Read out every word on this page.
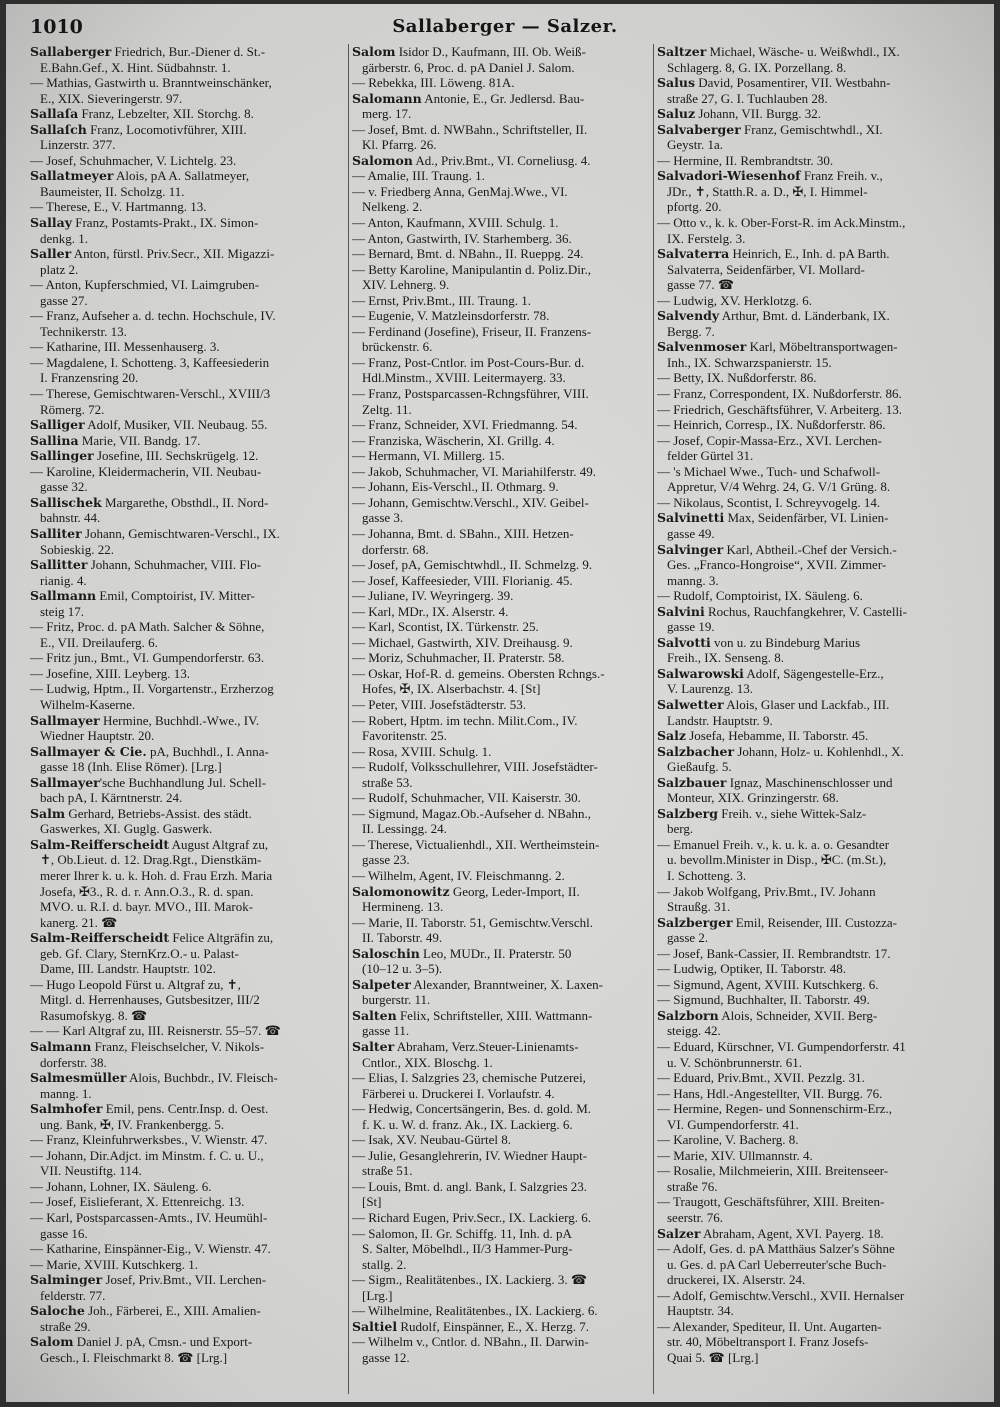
1010	Sallaberger — Salzer.
Sallaberger Friedrich, Bur.-Diener d. St.-
E.Bahn.Gef., X. Hint. Südbahnstr. 1.
— Mathias, Gastwirth u. Branntweinschänker,
E., XIX. Sieveringerstr. 97.
Sallaſa Franz, Lebzelter, XII. Storchg. 8.
Sallaſch Franz, Locomotivführer, XIII.
Linzerstr. 377.
— Josef, Schuhmacher, V. Lichtelg. 23.
Sallatmeyer Alois, pA A. Sallatmeyer,
Baumeister, II. Scholzg. 11.
— Therese, E., V. Hartmanng. 13.
Sallay Franz, Postamts-Prakt., IX. Simon-
denkg. 1.
Saller Anton, fürstl. Priv.Secr., XII. Migazzi-
platz 2.
— Anton, Kupferschmied, VI. Laimgruben-
gasse 27.
— Franz, Aufseher a. d. techn. Hochschule, IV.
Technikerstr. 13.
— Katharine, III. Messenhauserg. 3.
— Magdalene, I. Schotteng. 3, Kaffeesiederin
I. Franzensring 20.
— Therese, Gemischtwaren-Verschl., XVIII/3
Römerg. 72.
Salliger Adolf, Musiker, VII. Neubaug. 55.
Sallina Marie, VII. Bandg. 17.
Sallinger Josefine, III. Sechskrügelg. 12.
— Karoline, Kleidermacherin, VII. Neubau-
gasse 32.
Sallischek Margarethe, Obsthdl., II. Nord-
bahnstr. 44.
Salliter Johann, Gemischtwaren-Verschl., IX.
Sobieskig. 22.
Sallitter Johann, Schuhmacher, VIII. Flo-
rianig. 4.
Sallmann Emil, Comptoirist, IV. Mitter-
steig 17.
— Fritz, Proc. d. pA Math. Salcher & Söhne,
E., VII. Dreilauferg. 6.
— Fritz jun., Bmt., VI. Gumpendorferstr. 63.
— Josefine, XIII. Leyberg. 13.
— Ludwig, Hptm., II. Vorgartenstr., Erzherzog
Wilhelm-Kaserne.
Sallmayer Hermine, Buchhdl.-Wwe., IV.
Wiedner Hauptstr. 20.
Sallmayer & Cie. pA, Buchhdl., I. Anna-
gasse 18 (Inh. Elise Römer). [Lrg.]
Sallmayer'sche Buchhandlung Jul. Schell-
bach pA, I. Kärntnerstr. 24.
Salm Gerhard, Betriebs-Assist. des städt.
Gaswerkes, XI. Guglg. Gaswerk.
Salm-Reifferscheidt August Altgraf zu,
✝, Ob.Lieut. d. 12. Drag.Rgt., Dienstkäm-
merer Ihrer k. u. k. Hoh. d. Frau Erzh. Maria
Josefa, ✠3., R. d. r. Ann.O.3., R. d. span.
MVO. u. R.I. d. bayr. MVO., III. Marok-
kanerg. 21. ☎
Salm-Reifferscheidt Felice Altgräfin zu,
geb. Gf. Clary, SternKrz.O.- u. Palast-
Dame, III. Landstr. Hauptstr. 102.
— Hugo Leopold Fürst u. Altgraf zu, ✝,
Mitgl. d. Herrenhauses, Gutsbesitzer, III/2
Rasumofskyg. 8. ☎
— — Karl Altgraf zu, III. Reisnerstr. 55–57. ☎
Salmann Franz, Fleischselcher, V. Nikols-
dorferstr. 38.
Salmesmüller Alois, Buchbdr., IV. Fleisch-
manng. 1.
Salmhofer Emil, pens. Centr.Insp. d. Oest.
ung. Bank, ✠, IV. Frankenbergg. 5.
— Franz, Kleinfuhrwerksbes., V. Wienstr. 47.
— Johann, Dir.Adjct. im Minstm. f. C. u. U.,
VII. Neustiftg. 114.
— Johann, Lohner, IX. Säuleng. 6.
— Josef, Eislieferant, X. Ettenreichg. 13.
— Karl, Postsparcassen-Amts., IV. Heumühl-
gasse 16.
— Katharine, Einspänner-Eig., V. Wienstr. 47.
— Marie, XVIII. Kutschkerg. 1.
Salminger Josef, Priv.Bmt., VII. Lerchen-
felderstr. 77.
Saloche Joh., Färberei, E., XIII. Amalien-
straße 29.
Salom Daniel J. pA, Cmsn.- und Export-
Gesch., I. Fleischmarkt 8. ☎ [Lrg.]
Salom Isidor D., Kaufmann, III. Ob. Weiß-
gärberstr. 6, Proc. d. pA Daniel J. Salom.
— Rebekka, III. Löweng. 81A.
Salomann Antonie, E., Gr. Jedlersd. Bau-
merg. 17.
— Josef, Bmt. d. NWBahn., Schriftsteller, II.
Kl. Pfarrg. 26.
Salomon Ad., Priv.Bmt., VI. Corneliusg. 4.
— Amalie, III. Traung. 1.
— v. Friedberg Anna, GenMaj.Wwe., VI.
Nelkeng. 2.
— Anton, Kaufmann, XVIII. Schulg. 1.
— Anton, Gastwirth, IV. Starhemberg. 36.
— Bernard, Bmt. d. NBahn., II. Rueppg. 24.
— Betty Karoline, Manipulantin d. Poliz.Dir.,
XIV. Lehnerg. 9.
— Ernst, Priv.Bmt., III. Traung. 1.
— Eugenie, V. Matzleinsdorferstr. 78.
— Ferdinand (Josefine), Friseur, II. Franzens-
brückenstr. 6.
— Franz, Post-Cntlor. im Post-Cours-Bur. d.
Hdl.Minstm., XVIII. Leitermayerg. 33.
— Franz, Postsparcassen-Rchngsführer, VIII.
Zeltg. 11.
— Franz, Schneider, XVI. Friedmanng. 54.
— Franziska, Wäscherin, XI. Grillg. 4.
— Hermann, VI. Millerg. 15.
— Jakob, Schuhmacher, VI. Mariahilferstr. 49.
— Johann, Eis-Verschl., II. Othmarg. 9.
— Johann, Gemischtw.Verschl., XIV. Geibel-
gasse 3.
— Johanna, Bmt. d. SBahn., XIII. Hetzen-
dorferstr. 68.
— Josef, pA, Gemischtwhdl., II. Schmelzg. 9.
— Josef, Kaffeesieder, VIII. Florianig. 45.
— Juliane, IV. Weyringerg. 39.
— Karl, MDr., IX. Alserstr. 4.
— Karl, Scontist, IX. Türkenstr. 25.
— Michael, Gastwirth, XIV. Dreihausg. 9.
— Moriz, Schuhmacher, II. Praterstr. 58.
— Oskar, Hof-R. d. gemeins. Obersten Rchngs.-
Hofes, ✠, IX. Alserbachstr. 4. [St]
— Peter, VIII. Josefstädterstr. 53.
— Robert, Hptm. im techn. Milit.Com., IV.
Favoritenstr. 25.
— Rosa, XVIII. Schulg. 1.
— Rudolf, Volksschullehrer, VIII. Josefstädter-
straße 53.
— Rudolf, Schuhmacher, VII. Kaiserstr. 30.
— Sigmund, Magaz.Ob.-Aufseher d. NBahn.,
II. Lessingg. 24.
— Therese, Victualienhdl., XII. Wertheimstein-
gasse 23.
— Wilhelm, Agent, IV. Fleischmanng. 2.
Salomonowitz Georg, Leder-Import, II.
Hermineng. 13.
— Marie, II. Taborstr. 51, Gemischtw.Verschl.
II. Taborstr. 49.
Saloschin Leo, MUDr., II. Praterstr. 50
(10–12 u. 3–5).
Salpeter Alexander, Branntweiner, X. Laxen-
burgerstr. 11.
Salten Felix, Schriftsteller, XIII. Wattmann-
gasse 11.
Salter Abraham, Verz.Steuer-Linienamts-
Cntlor., XIX. Bloschg. 1.
— Elias, I. Salzgries 23, chemische Putzerei,
Färberei u. Druckerei I. Vorlaufstr. 4.
— Hedwig, Concertsängerin, Bes. d. gold. M.
f. K. u. W. d. franz. Ak., IX. Lackierg. 6.
— Isak, XV. Neubau-Gürtel 8.
— Julie, Gesanglehrerin, IV. Wiedner Haupt-
straße 51.
— Louis, Bmt. d. angl. Bank, I. Salzgries 23.
[St]
— Richard Eugen, Priv.Secr., IX. Lackierg. 6.
— Salomon, II. Gr. Schiffg. 11, Inh. d. pA
S. Salter, Möbelhdl., II/3 Hammer-Purg-
stallg. 2.
— Sigm., Realitätenbes., IX. Lackierg. 3. ☎
[Lrg.]
— Wilhelmine, Realitätenbes., IX. Lackierg. 6.
Saltiel Rudolf, Einspänner, E., X. Herzg. 7.
— Wilhelm v., Cntlor. d. NBahn., II. Darwin-
gasse 12.
Saltzer Michael, Wäsche- u. Weißwhdl., IX.
Schlagerg. 8, G. IX. Porzellang. 8.
Salus David, Posamentirer, VII. Westbahn-
straße 27, G. I. Tuchlauben 28.
Saluz Johann, VII. Burgg. 32.
Salvaberger Franz, Gemischtwhdl., XI.
Geystr. 1a.
— Hermine, II. Rembrandtstr. 30.
Salvadori-Wiesenhof Franz Freih. v.,
JDr., ✝, Statth.R. a. D., ✠, I. Himmel-
pfortg. 20.
— Otto v., k. k. Ober-Forst-R. im Ack.Minstm.,
IX. Ferstelg. 3.
Salvaterra Heinrich, E., Inh. d. pA Barth.
Salvaterra, Seidenfärber, VI. Mollard-
gasse 77. ☎
— Ludwig, XV. Herklotzg. 6.
Salvendy Arthur, Bmt. d. Länderbank, IX.
Bergg. 7.
Salvenmoser Karl, Möbeltransportwagen-
Inh., IX. Schwarzspanierstr. 15.
— Betty, IX. Nußdorferstr. 86.
— Franz, Correspondent, IX. Nußdorferstr. 86.
— Friedrich, Geschäftsführer, V. Arbeiterg. 13.
— Heinrich, Corresp., IX. Nußdorferstr. 86.
— Josef, Copir-Massa-Erz., XVI. Lerchen-
felder Gürtel 31.
— 's Michael Wwe., Tuch- und Schafwoll-
Appretur, V/4 Wehrg. 24, G. V/1 Grüng. 8.
— Nikolaus, Scontist, I. Schreyvogelg. 14.
Salvinetti Max, Seidenfärber, VI. Linien-
gasse 49.
Salvinger Karl, Abtheil.-Chef der Versich.-
Ges. „Franco-Hongroise“, XVII. Zimmer-
manng. 3.
— Rudolf, Comptoirist, IX. Säuleng. 6.
Salvini Rochus, Rauchfangkehrer, V. Castelli-
gasse 19.
Salvotti von u. zu Bindeburg Marius
Freih., IX. Senseng. 8.
Salwarowski Adolf, Sägengestelle-Erz.,
V. Laurenzg. 13.
Salwetter Alois, Glaser und Lackfab., III.
Landstr. Hauptstr. 9.
Salz Josefa, Hebamme, II. Taborstr. 45.
Salzbacher Johann, Holz- u. Kohlenhdl., X.
Gießaufg. 5.
Salzbauer Ignaz, Maschinenschlosser und
Monteur, XIX. Grinzingerstr. 68.
Salzberg Freih. v., siehe Wittek-Salz-
berg.
— Emanuel Freih. v., k. u. k. a. o. Gesandter
u. bevollm.Minister in Disp., ✠C. (m.St.),
I. Schotteng. 3.
— Jakob Wolfgang, Priv.Bmt., IV. Johann
Straußg. 31.
Salzberger Emil, Reisender, III. Custozza-
gasse 2.
— Josef, Bank-Cassier, II. Rembrandtstr. 17.
— Ludwig, Optiker, II. Taborstr. 48.
— Sigmund, Agent, XVIII. Kutschkerg. 6.
— Sigmund, Buchhalter, II. Taborstr. 49.
Salzborn Alois, Schneider, XVII. Berg-
steigg. 42.
— Eduard, Kürschner, VI. Gumpendorferstr. 41
u. V. Schönbrunnerstr. 61.
— Eduard, Priv.Bmt., XVII. Pezzlg. 31.
— Hans, Hdl.-Angestellter, VII. Burgg. 76.
— Hermine, Regen- und Sonnenschirm-Erz.,
VI. Gumpendorferstr. 41.
— Karoline, V. Bacherg. 8.
— Marie, XIV. Ullmannstr. 4.
— Rosalie, Milchmeierin, XIII. Breitenseer-
straße 76.
— Traugott, Geschäftsführer, XIII. Breiten-
seerstr. 76.
Salzer Abraham, Agent, XVI. Payerg. 18.
— Adolf, Ges. d. pA Matthäus Salzer's Söhne
u. Ges. d. pA Carl Ueberreuter'sche Buch-
druckerei, IX. Alserstr. 24.
— Adolf, Gemischtw.Verschl., XVII. Hernalser
Hauptstr. 34.
— Alexander, Spediteur, II. Unt. Augarten-
str. 40, Möbeltransport I. Franz Josefs-
Quai 5. ☎ [Lrg.]
